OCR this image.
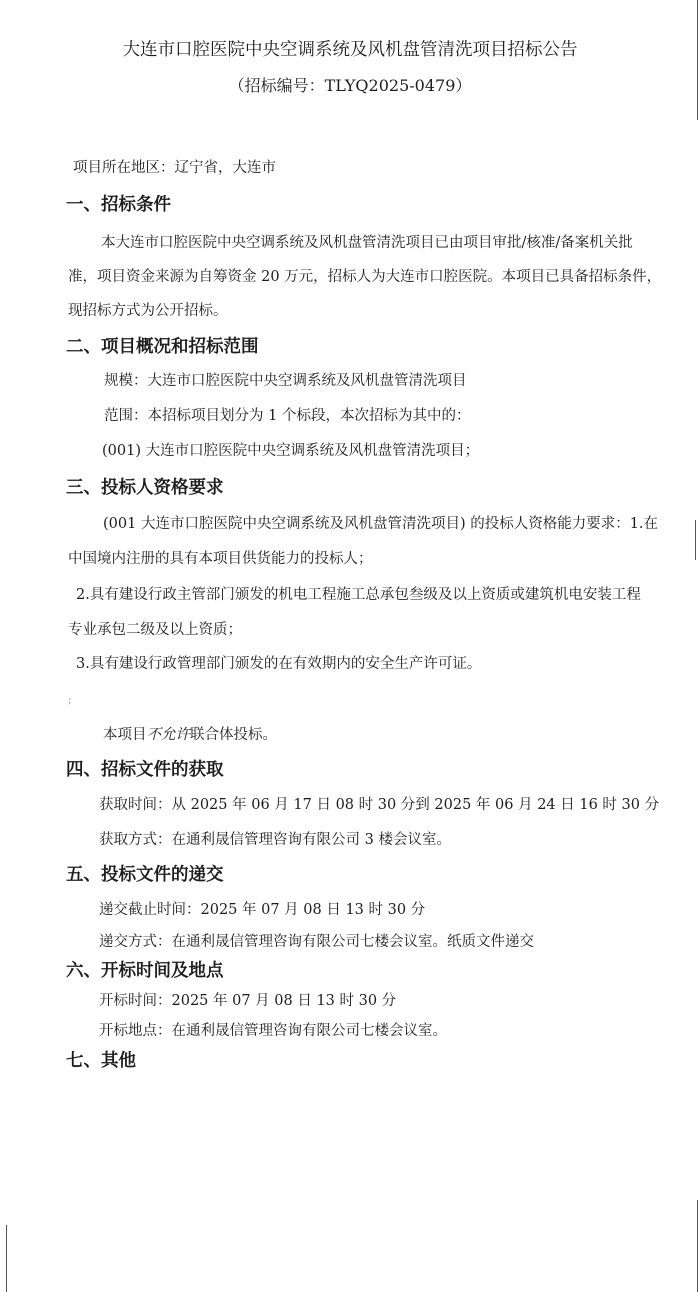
大连市口腔医院中央空调系统及风机盘管清洗项目招标公告
（招标编号：TLYQ2025-0479）
项目所在地区：辽宁省，大连市
一、招标条件
本大连市口腔医院中央空调系统及风机盘管清洗项目已由项目审批/核准/备案机关批
准，项目资金来源为自筹资金 20 万元，招标人为大连市口腔医院。本项目已具备招标条件，
现招标方式为公开招标。
二、项目概况和招标范围
规模：大连市口腔医院中央空调系统及风机盘管清洗项目
范围：本招标项目划分为 1 个标段，本次招标为其中的：
(001) 大连市口腔医院中央空调系统及风机盘管清洗项目；
三、投标人资格要求
(001 大连市口腔医院中央空调系统及风机盘管清洗项目) 的投标人资格能力要求：1.在
中国境内注册的具有本项目供货能力的投标人；
2.具有建设行政主管部门颁发的机电工程施工总承包叁级及以上资质或建筑机电安装工程
专业承包二级及以上资质；
3.具有建设行政管理部门颁发的在有效期内的安全生产许可证。
;
本项目不允许联合体投标。
四、招标文件的获取
获取时间：从 2025 年 06 月 17 日 08 时 30 分到 2025 年 06 月 24 日 16 时 30 分
获取方式：在通利晟信管理咨询有限公司 3 楼会议室。
五、投标文件的递交
递交截止时间：2025 年 07 月 08 日 13 时 30 分
递交方式：在通利晟信管理咨询有限公司七楼会议室。纸质文件递交
六、开标时间及地点
开标时间：2025 年 07 月 08 日 13 时 30 分
开标地点：在通利晟信管理咨询有限公司七楼会议室。
七、其他
